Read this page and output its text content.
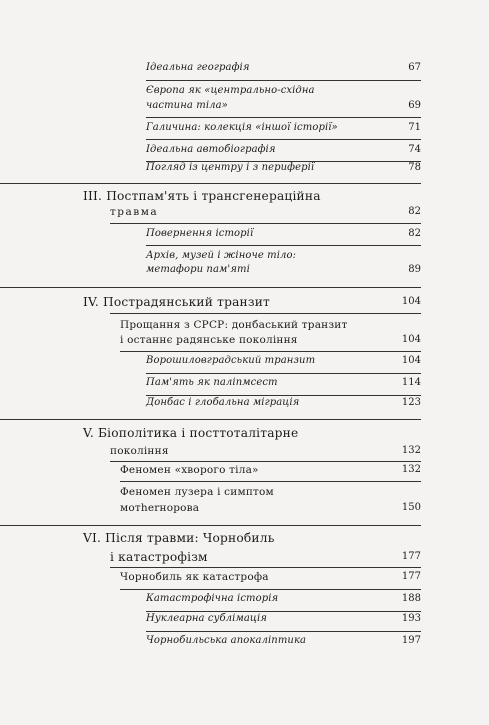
Ідеальна географія	67
Європа як «центрально-східна
частина тіла»	69
Галичина: колекція «іншої історії»	71
Ідеальна автобіографія	74
Погляд із центру і з периферії	78
III. Постпам'ять і трансгенераційна
травма	82
Повернення історії	82
Архів, музей і жіноче тіло:
метафори пам'яті	89
IV. Пострадянський транзит	104
Прощання з СРСР: донбаський транзит
і останнє радянське покоління	104
Ворошиловградський транзит	104
Пам'ять як паліпмсест	114
Донбас і глобальна міграція	123
V. Біополітика і посттоталітарне
покоління	132
Феномен «хворого тіла»	132
Феномен лузера і симптом
мотherнорова	150
VI. Після травми: Чорнобиль
і катастрофізм	177
Чорнобиль як катастрофа	177
Катастрофічна історія	188
Нуклеарна сублімація	193
Чорнобильська апокаліптика	197
